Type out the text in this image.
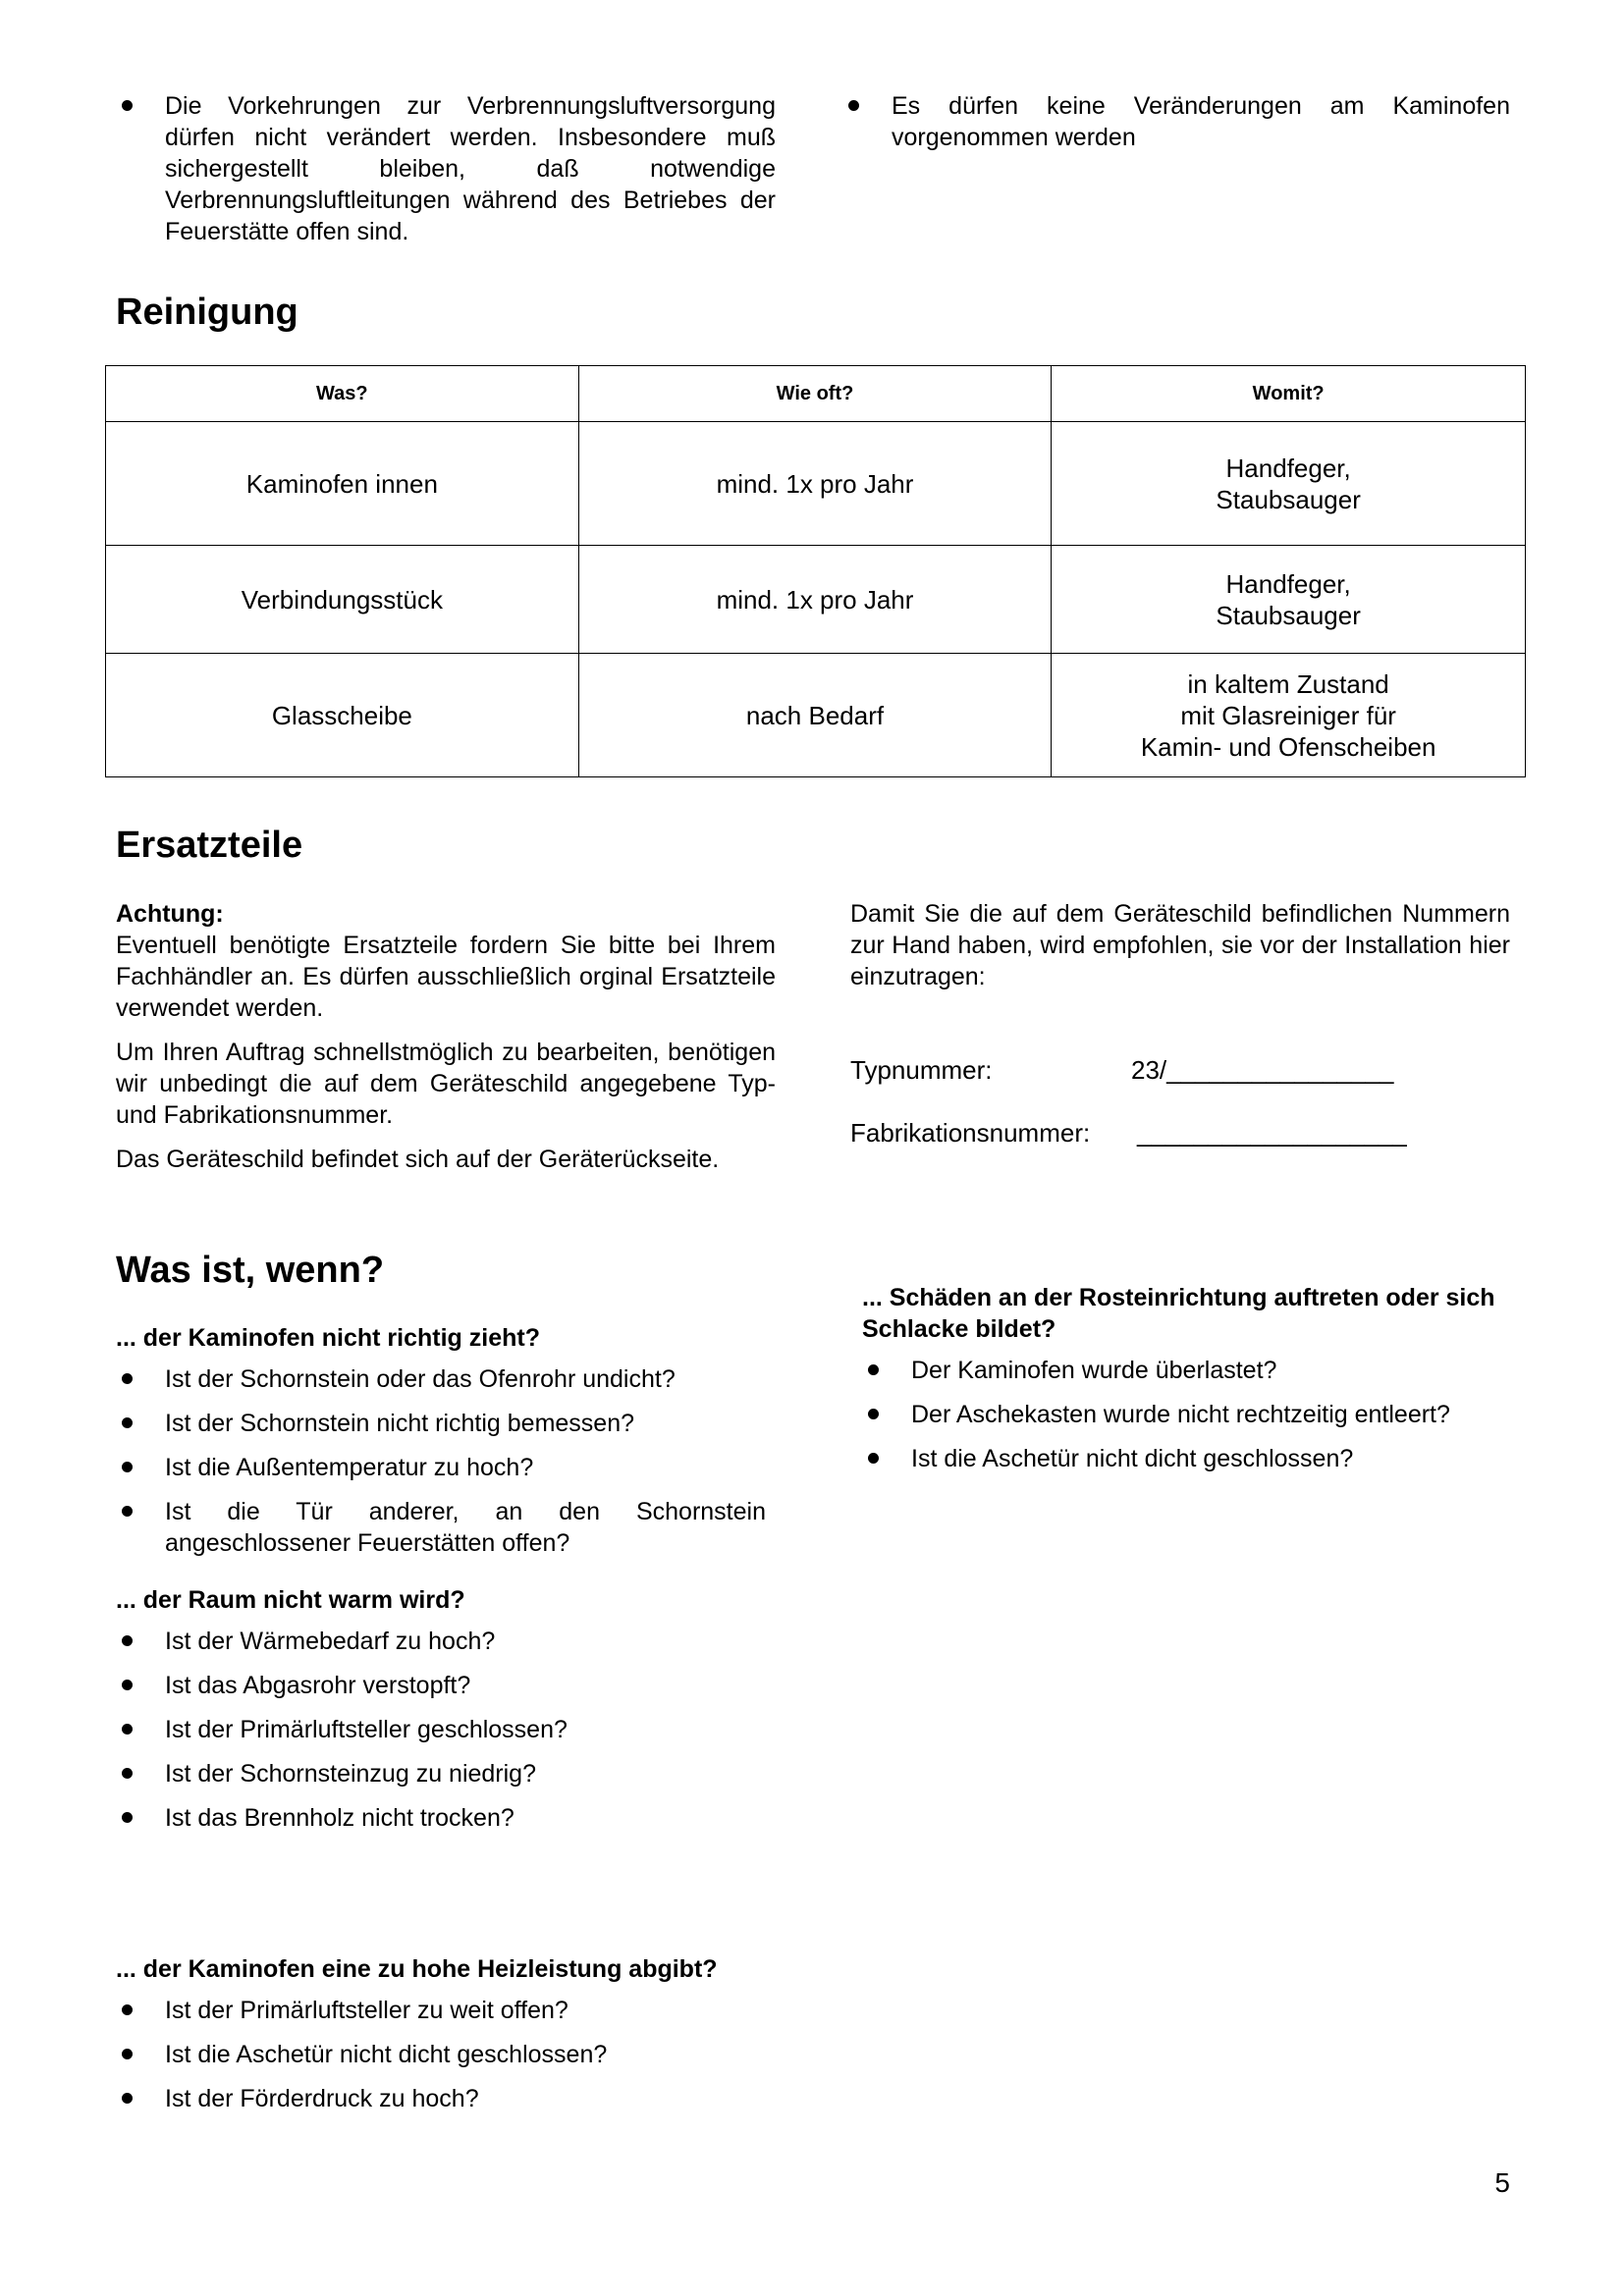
Die Vorkehrungen zur Verbrennungsluftversorgung dürfen nicht verändert werden. Insbesondere muß sichergestellt bleiben, daß notwendige Verbrennungsluftleitungen während des Betriebes der Feuerstätte offen sind.
Es dürfen keine Veränderungen am Kaminofen vorgenommen werden
Reinigung
Was?	Wie oft?	Womit?
Kaminofen innen	mind. 1x pro Jahr	Handfeger,
Staubsauger

Verbindungsstück	mind. 1x pro Jahr	Handfeger,
Staubsauger

Glasscheibe	nach Bedarf	in kaltem Zustand
mit Glasreiniger für
Kamin- und Ofenscheiben
Ersatzteile

Achtung:

Eventuell benötigte Ersatzteile fordern Sie bitte bei Ihrem Fachhändler an. Es dürfen ausschließlich orginal Ersatzteile verwendet werden.

Um Ihren Auftrag schnellstmöglich zu bearbeiten, benötigen wir unbedingt die auf dem Geräteschild angegebene Typ- und Fabrikationsnummer.

Das Geräteschild befindet sich auf der Geräterückseite.

Damit Sie die auf dem Geräteschild befindlichen Nummern zur Hand haben, wird empfohlen, sie vor der Installation hier einzutragen:

Typnummer:	23/________________
Fabrikationsnummer: ___________________
Was ist, wenn?

... der Kaminofen nicht richtig zieht?

Ist der Schornstein oder das Ofenrohr undicht?
Ist der Schornstein nicht richtig bemessen?
Ist die Außentemperatur zu hoch?
Ist die Tür anderer, an den Schornstein angeschlossener Feuerstätten offen?

... der Raum nicht warm wird?

Ist der Wärmebedarf zu hoch?
Ist das Abgasrohr verstopft?
Ist der Primärluftsteller geschlossen?
Ist der Schornsteinzug zu niedrig?
Ist das Brennholz nicht trocken?

... der Kaminofen eine zu hohe Heizleistung abgibt?

Ist der Primärluftsteller zu weit offen?
Ist die Aschetür nicht dicht geschlossen?
Ist der Förderdruck zu hoch?

... Schäden an der Rosteinrichtung auftreten oder sich Schlacke bildet?

Der Kaminofen wurde überlastet?
Der Aschekasten wurde nicht rechtzeitig entleert?
Ist die Aschetür nicht dicht geschlossen?
5
